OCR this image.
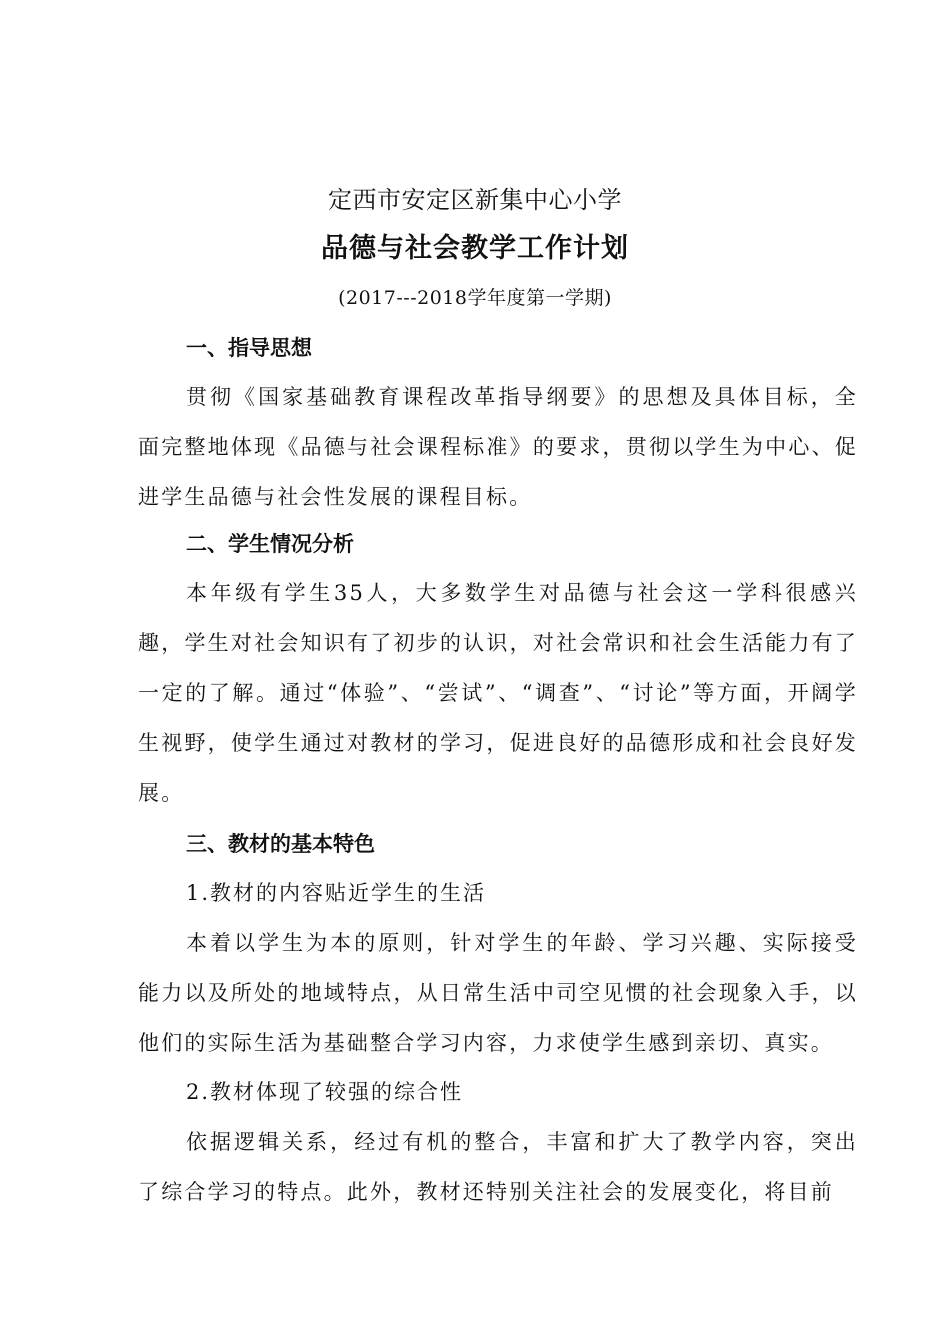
定西市安定区新集中心小学
品德与社会教学工作计划
(2017---2018学年度第一学期)
一、指导思想
贯彻《国家基础教育课程改革指导纲要》的思想及具体目标，全面完整地体现《品德与社会课程标准》的要求，贯彻以学生为中心、促进学生品德与社会性发展的课程目标。
二、学生情况分析
本年级有学生35人，大多数学生对品德与社会这一学科很感兴趣，学生对社会知识有了初步的认识，对社会常识和社会生活能力有了一定的了解。通过“体验”、“尝试”、“调查”、“讨论”等方面，开阔学生视野，使学生通过对教材的学习，促进良好的品德形成和社会良好发展。
三、教材的基本特色
1.教材的内容贴近学生的生活
本着以学生为本的原则，针对学生的年龄、学习兴趣、实际接受能力以及所处的地域特点，从日常生活中司空见惯的社会现象入手，以他们的实际生活为基础整合学习内容，力求使学生感到亲切、真实。
2.教材体现了较强的综合性
依据逻辑关系，经过有机的整合，丰富和扩大了教学内容，突出了综合学习的特点。此外，教材还特别关注社会的发展变化，将目前
